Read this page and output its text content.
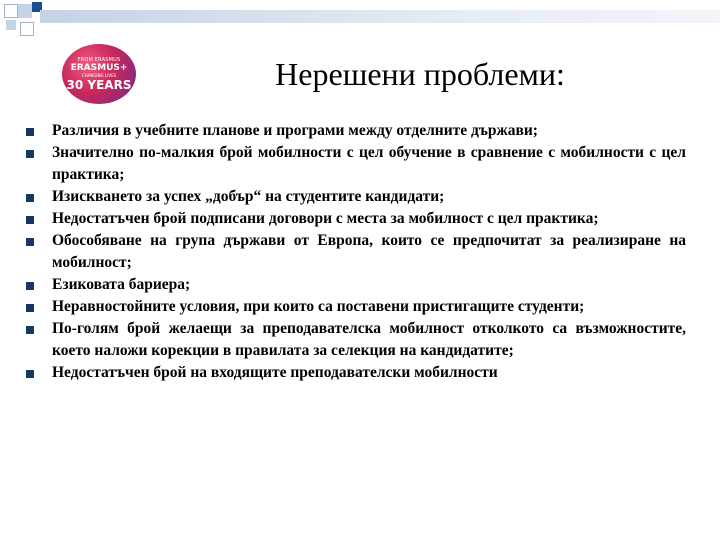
FROM ERASMUS
ERASMUS+
CHANGING LIVES
30 YEARS	Нерешени проблеми:
Различия в учебните планове и програми между отделните държави;
Значително по-малкия брой мобилности с цел обучение в сравнение с мобилности с цел практика;
Изискването за успех „добър“ на студентите кандидати;
Недостатъчен брой подписани договори с места за мобилност с цел практика;
Обособяване на група държави от Европа, които се предпочитат за реализиране на мобилност;
Езиковата бариера;
Неравностойните условия, при които са поставени пристигащите студенти;
По-голям брой желаещи за преподавателска мобилност отколкото са възможностите, което наложи корекции в правилата за селекция на кандидатите;
Недостатъчен брой на входящите преподавателски мобилности
